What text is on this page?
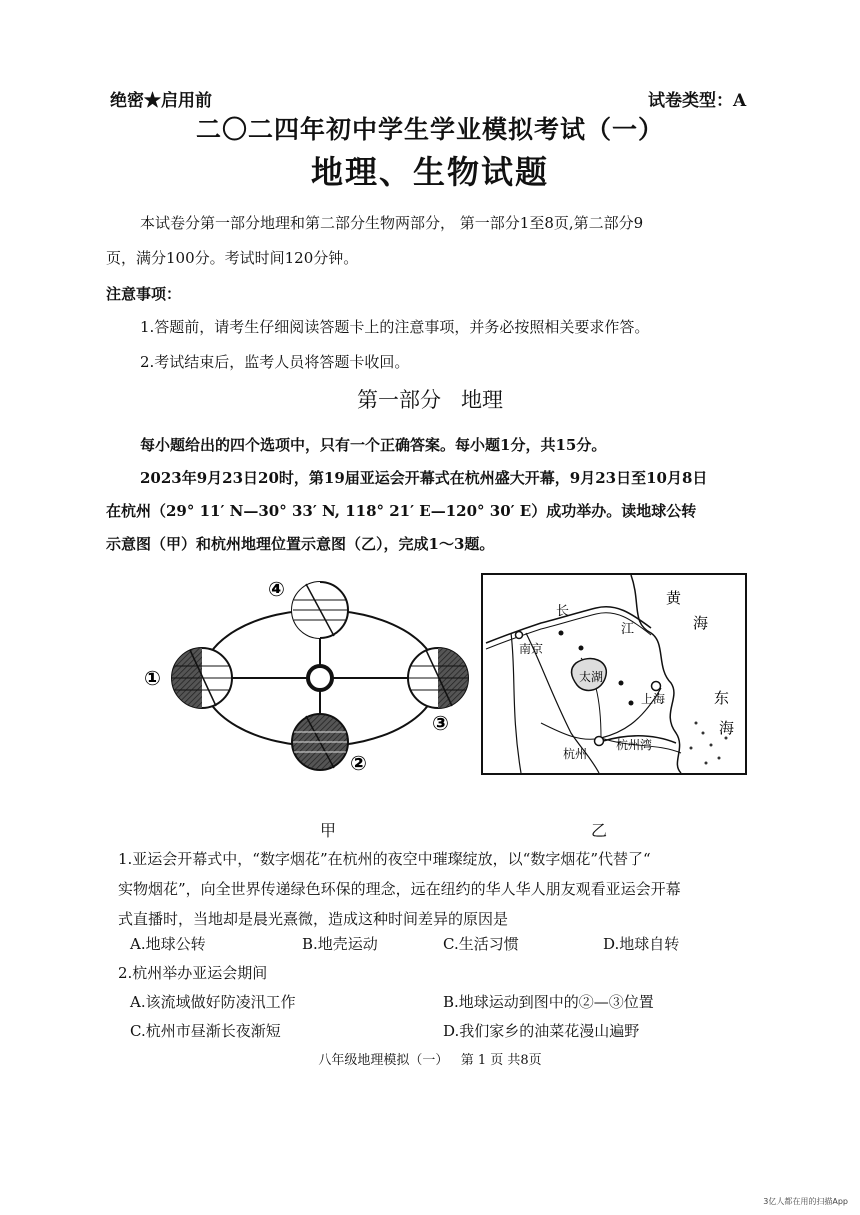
绝密★启用前	试卷类型：A
二〇二四年初中学生学业模拟考试（一）
地理、生物试题

本试卷分第一部分地理和第二部分生物两部分， 第一部分1至8页,第二部分9

页，满分100分。考试时间120分钟。

注意事项：

1.答题前，请考生仔细阅读答题卡上的注意事项，并务必按照相关要求作答。

2.考试结束后，监考人员将答题卡收回。

第一部分   地理

每小题给出的四个选项中，只有一个正确答案。每小题1分，共15分。

2023年9月23日20时，第19届亚运会开幕式在杭州盛大开幕，9月23日至10月8日

在杭州（29° 11′ N—30° 33′ N, 118° 21′ E—120° 30′ E）成功举办。读地球公转

示意图（甲）和杭州地理位置示意图（乙），完成1～3题。

④
①
③
②
南京
长
江
太湖
上海
杭州
杭州湾
黄
海
东
海
甲	乙

1.亚运会开幕式中，“数字烟花”在杭州的夜空中璀璨绽放，以“数字烟花”代替了“

实物烟花”，向全世界传递绿色环保的理念，远在纽约的华人华人朋友观看亚运会开幕

式直播时，当地却是晨光熹微，造成这种时间差异的原因是

A.地球公转	B.地壳运动	C.生活习惯	D.地球自转

2.杭州举办亚运会期间

A.该流域做好防凌汛工作	B.地球运动到图中的②—③位置
C.杭州市昼渐长夜渐短	D.我们家乡的油菜花漫山遍野
八年级地理模拟（一）   第 1 页 共8页
3亿人都在用的扫描App
